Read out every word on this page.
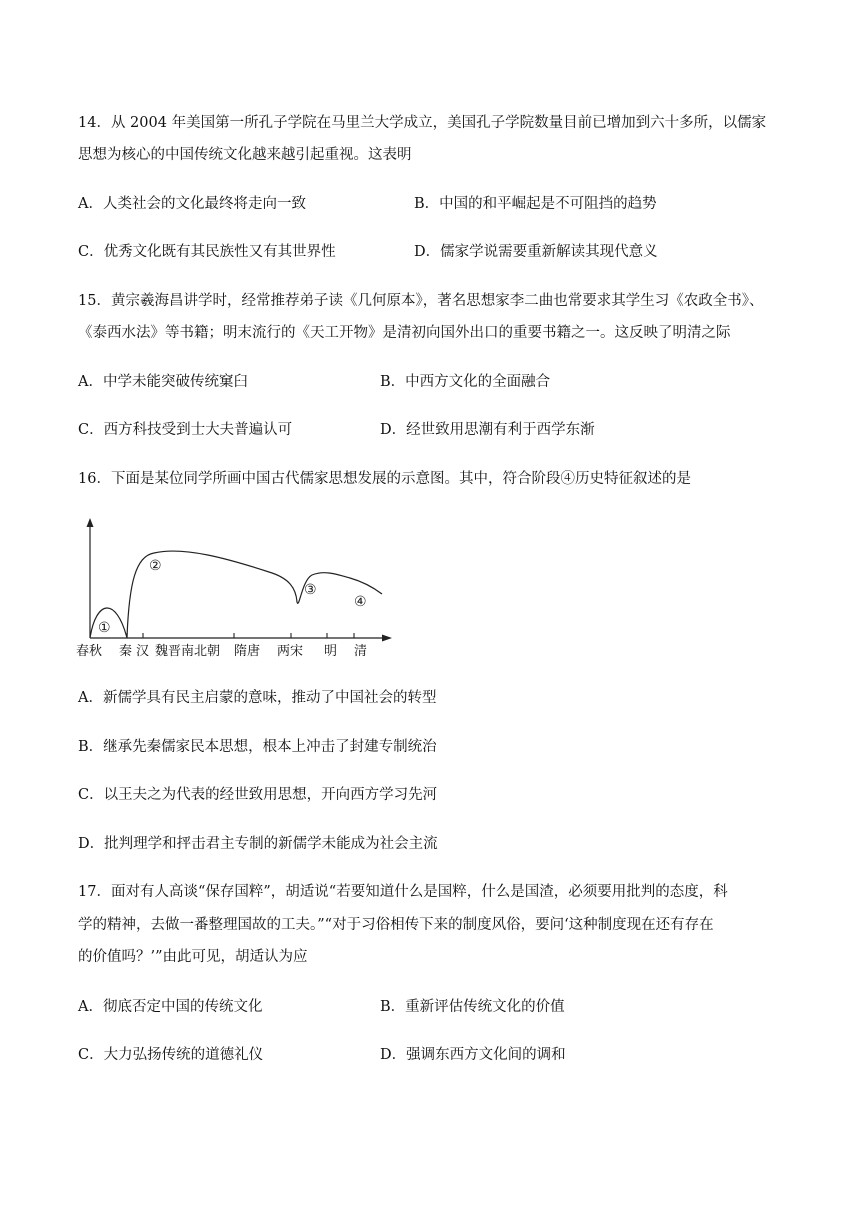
14．从 2004 年美国第一所孔子学院在马里兰大学成立，美国孔子学院数量目前已增加到六十多所，以儒家
思想为核心的中国传统文化越来越引起重视。这表明
A．人类社会的文化最终将走向一致	B．中国的和平崛起是不可阻挡的趋势
C．优秀文化既有其民族性又有其世界性	D．儒家学说需要重新解读其现代意义
15．黄宗羲海昌讲学时，经常推荐弟子读《几何原本》，著名思想家李二曲也常要求其学生习《农政全书》、
《泰西水法》等书籍；明末流行的《天工开物》是清初向国外出口的重要书籍之一。这反映了明清之际
A．中学未能突破传统窠臼	B．中西方文化的全面融合
C．西方科技受到士大夫普遍认可	D．经世致用思潮有利于西学东渐
16．下面是某位同学所画中国古代儒家思想发展的示意图。其中，符合阶段④历史特征叙述的是
①
②
③
④
春秋 秦 汉 魏晋南北朝 隋唐 两宋 明 清
A．新儒学具有民主启蒙的意味，推动了中国社会的转型
B．继承先秦儒家民本思想，根本上冲击了封建专制统治
C．以王夫之为代表的经世致用思想，开向西方学习先河
D．批判理学和抨击君主专制的新儒学未能成为社会主流
17．面对有人高谈“保存国粹”，胡适说“若要知道什么是国粹，什么是国渣，必须要用批判的态度，科
学的精神，去做一番整理国故的工夫。”“对于习俗相传下来的制度风俗，要问‘这种制度现在还有存在
的价值吗？’”由此可见，胡适认为应
A．彻底否定中国的传统文化	B．重新评估传统文化的价值
C．大力弘扬传统的道德礼仪	D．强调东西方文化间的调和
